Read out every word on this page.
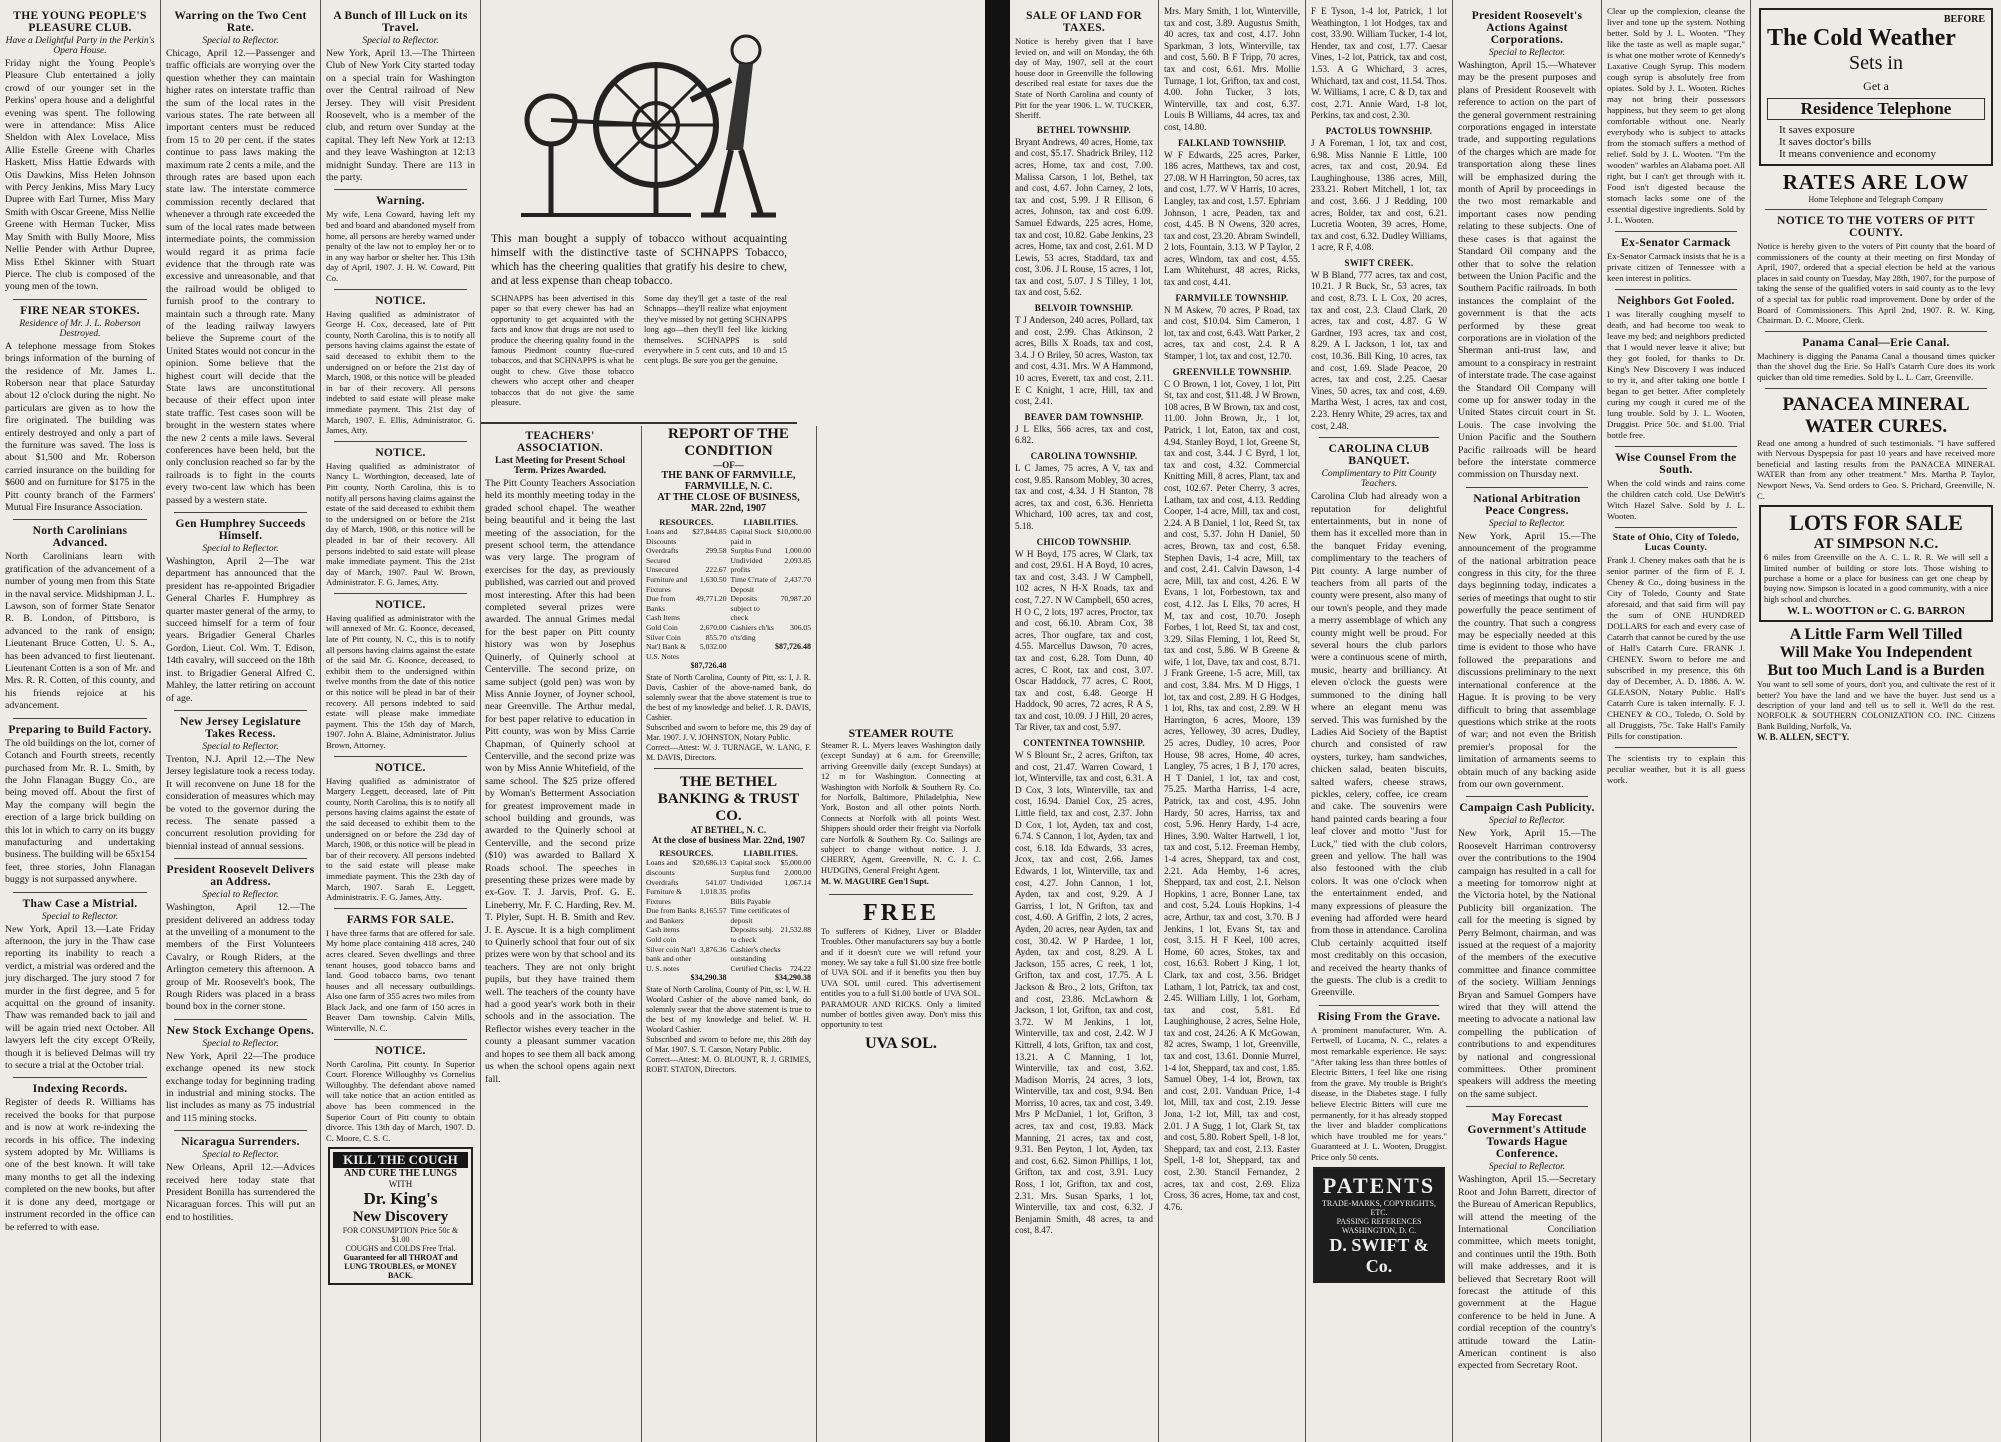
THE YOUNG PEOPLE'S PLEASURE CLUB.
Have a Delightful Party in the Perkin's Opera House.
Friday night the Young People's Pleasure Club entertained a jolly crowd of our younger set in the Perkins' opera house and a delightful evening was spent. The following were in attendance: Miss Alice Sheldon with Alex Lovelace, Miss Allie Estelle Greene with Charles Haskett, Miss Hattie Edwards with Otis Dawkins, Miss Helen Johnson with Percy Jenkins, Miss Mary Lucy Dupree with Earl Turner, Miss Mary Smith with Oscar Greene, Miss Nellie Greene with Herman Tucker, Miss May Smith with Bully Moore, Miss Nellie Pender with Arthur Dupree, Miss Ethel Skinner with Stuart Pierce. The club is composed of the young men of the town.
FIRE NEAR STOKES.
Residence of Mr. J. L. Roberson Destroyed.
A telephone message from Stokes brings information of the burning of the residence of Mr. James L. Roberson near that place Saturday about 12 o'clock during the night. No particulars are given as to how the fire originated. The building was entirely destroyed and only a part of the furniture was saved. The loss is about $1,500 and Mr. Roberson carried insurance on the building for $600 and on furniture for $175 in the Pitt county branch of the Farmers' Mutual Fire Insurance Association.
North Carolinians Advanced.
North Carolinians learn with gratification of the advancement of a number of young men from this State in the naval service. Midshipman J. L. Lawson, son of former State Senator R. B. London, of Pittsboro, is advanced to the rank of ensign; Lieutenant Bruce Cotten, U. S. A., has been advanced to first lieutenant. Lieutenant Cotten is a son of Mr. and Mrs. R. R. Cotten, of this county, and his friends rejoice at his advancement.
Preparing to Build Factory.
The old buildings on the lot, corner of Cotanch and Fourth streets, recently purchased from Mr. R. L. Smith, by the John Flanagan Buggy Co., are being moved off. About the first of May the company will begin the erection of a large brick building on this lot in which to carry on its buggy manufacturing and undertaking business. The building will be 65x154 feet, three stories, John Flanagan buggy is not surpassed anywhere.
Thaw Case a Mistrial.
Special to Reflector.
New York, April 13.—Late Friday afternoon, the jury in the Thaw case reporting its inability to reach a verdict, a mistrial was ordered and the jury discharged. The jury stood 7 for murder in the first degree, and 5 for acquittal on the ground of insanity. Thaw was remanded back to jail and will be again tried next October. All lawyers left the city except O'Reily, though it is believed Delmas will try to secure a trial at the October trial.
Indexing Records.
Register of deeds R. Williams has received the books for that purpose and is now at work re-indexing the records in his office. The indexing system adopted by Mr. Williams is one of the best known. It will take many months to get all the indexing completed on the new books, but after it is done any deed, mortgage or instrument recorded in the office can be referred to with ease.
Warring on the Two Cent Rate.
Special to Reflector.
Chicago, April 12.—Passenger and traffic officials are worrying over the question whether they can maintain higher rates on interstate traffic than the sum of the local rates in the various states. The rate between all important centers must be reduced from 15 to 20 per cent. if the states continue to pass laws making the maximum rate 2 cents a mile, and the through rates are based upon each state law. The interstate commerce commission recently declared that whenever a through rate exceeded the sum of the local rates made between intermediate points, the commission would regard it as prima facie evidence that the through rate was excessive and unreasonable, and that the railroad would be obliged to furnish proof to the contrary to maintain such a through rate. Many of the leading railway lawyers believe the Supreme court of the United States would not concur in the opinion. Some believe that the highest court will decide that the State laws are unconstitutional because of their effect upon inter state traffic. Test cases soon will be brought in the western states where the new 2 cents a mile laws. Several conferences have been held, but the only conclusion reached so far by the railroads is to fight in the courts every two-cent law which has been passed by a western state.
Gen Humphrey Succeeds Himself.
Special to Reflector.
Washington, April 2—The war department has announced that the president has re-appointed Brigadier General Charles F. Humphrey as quarter master general of the army, to succeed himself for a term of four years. Brigadier General Charles Gordon, Lieut. Col. Wm. T. Edison, 14th cavalry, will succeed on the 18th inst. to Brigadier General Alfred C. Mahley, the latter retiring on account of age.
New Jersey Legislature Takes Recess.
Special to Reflector.
Trenton, N.J. April 12.—The New Jersey legislature took a recess today. It will reconvene on June 18 for the consideration of measures which may be voted to the governor during the recess. The senate passed a concurrent resolution providing for biennial instead of annual sessions.
President Roosevelt Delivers an Address.
Special to Reflector.
Washington, April 12.—The president delivered an address today at the unveiling of a monument to the members of the First Volunteers Cavalry, or Rough Riders, at the Arlington cemetery this afternoon. A group of Mr. Roosevelt's book, The Rough Riders was placed in a brass bound box in the corner stone.
New Stock Exchange Opens.
Special to Reflector.
New York, April 22—The produce exchange opened its new stock exchange today for beginning trading in industrial and mining stocks. The list includes as many as 75 industrial and 115 mining stocks.
Nicaragua Surrenders.
Special to Reflector.
New Orleans, April 12.—Advices received here today state that President Bonilla has surrendered the Nicaraguan forces. This will put an end to hostilities.
A Bunch of Ill Luck on its Travel.
Special to Reflector.
New York, April 13.—The Thirteen Club of New York City started today on a special train for Washington over the Central railroad of New Jersey. They will visit President Roosevelt, who is a member of the club, and return over Sunday at the capital. They left New York at 12:13 and they leave Washington at 12:13 midnight Sunday. There are 113 in the party.
Warning.
My wife, Lena Coward, having left my bed and board and abandoned myself from home, all persons are hereby warned under penalty of the law not to employ her or to in any way harbor or shelter her. This 13th day of April, 1907. J. H. W. Coward, Pitt Co.
NOTICE.
Having qualified as administrator of George H. Cox, deceased, late of Pitt county, North Carolina, this is to notify all persons having claims against the estate of said deceased to exhibit them to the undersigned on or before the 21st day of March, 1908, or this notice will be pleaded in bar of their recovery. All persons indebted to said estate will please make immediate payment. This 21st day of March, 1907. E. Ellis, Administrator. G. James, Atty.
NOTICE.
Having qualified as administrator of Nancy L. Worthington, deceased, late of Pitt county, North Carolina, this is to notify all persons having claims against the estate of the said deceased to exhibit them to the undersigned on or before the 21st day of March, 1908, or this notice will be pleaded in bar of their recovery. All persons indebted to said estate will please make immediate payment. This the 21st day of March, 1907. Paul W. Brown, Administrator. F. G. James, Atty.
NOTICE.
Having qualified as administrator with the will annexed of Mr. G. Koonce, deceased, late of Pitt county, N. C., this is to notify all persons having claims against the estate of the said Mr. G. Koonce, deceased, to exhibit them to the undersigned within twelve months from the date of this notice or this notice will be plead in bar of their recovery. All persons indebted to said estate will please make immediate payment. This the 15th day of March, 1907. John A. Blaine, Administrator. Julius Brown, Attorney.
NOTICE.
Having qualified as administrator of Margery Leggett, deceased, late of Pitt county, North Carolina, this is to notify all persons having claims against the estate of the said deceased to exhibit them to the undersigned on or before the 23d day of March, 1908, or this notice will be plead in bar of their recovery. All persons indebted to the said estate will please make immediate payment. This the 23th day of March, 1907. Sarah E. Leggett, Administratrix. F. G. James, Atty.
FARMS FOR SALE.
I have three farms that are offered for sale. My home place containing 418 acres, 240 acres cleared. Seven dwellings and three tenant houses, good tobacco barns and land. Good tobacco barns, two tenant houses and all necessary outbuildings. Also one farm of 355 acres two miles from Black Jack, and one farm of 150 acres in Beaver Dam township. Calvin Mills, Winterville, N. C.
NOTICE.
North Carolina, Pitt county. In Superior Court. Florence Willoughby vs Cornelius Willoughby. The defendant above named will take notice that an action entitled as above has been commenced in the Superior Court of Pitt county to obtain divorce. This 13th day of March, 1907. D. C. Moore, C. S. C.
KILL THE COUGH
AND CURE THE LUNGS
WITH
Dr. King's
New Discovery
FOR CONSUMPTION Price 50c & $1.00
COUGHS and COLDS Free Trial.
Guaranteed for all THROAT and LUNG TROUBLES, or MONEY BACK.
This man bought a supply of tobacco without acquainting himself with the distinctive taste of SCHNAPPS Tobacco, which has the cheering qualities that gratify his desire to chew, and at less expense than cheap tobacco.
SCHNAPPS has been advertised in this paper so that every chewer has had an opportunity to get acquainted with the facts and know that drugs are not used to produce the cheering quality found in the famous Piedmont country flue-cured tobaccos, and that SCHNAPPS is what he ought to chew. Give those tobacco chewers who accept other and cheaper tobaccos that do not give the same pleasure.
Some day they'll get a taste of the real Schnapps—they'll realize what enjoyment they've missed by not getting SCHNAPPS long ago—then they'll feel like kicking themselves. SCHNAPPS is sold everywhere in 5 cent cuts, and 10 and 15 cent plugs. Be sure you get the genuine.
TEACHERS' ASSOCIATION.
Last Meeting for Present School Term. Prizes Awarded.
The Pitt County Teachers Association held its monthly meeting today in the graded school chapel. The weather being beautiful and it being the last meeting of the association, for the present school term, the attendance was very large. The program of exercises for the day, as previously published, was carried out and proved most interesting. After this had been completed several prizes were awarded. The annual Grimes medal for the best paper on Pitt county history was won by Josephus Quinerly, of Quinerly school at Centerville. The second prize, on same subject (gold pen) was won by Miss Annie Joyner, of Joyner school, near Greenville. The Arthur medal, for best paper relative to education in Pitt county, was won by Miss Carrie Chapman, of Quinerly school at Centerville, and the second prize was won by Miss Annie Whitefield, of the same school. The $25 prize offered by Woman's Betterment Association for greatest improvement made in school building and grounds, was awarded to the Quinerly school at Centerville, and the second prize ($10) was awarded to Ballard X Roads school. The speeches in presenting these prizes were made by ex-Gov. T. J. Jarvis, Prof. G. E. Lineberry, Mr. F. C. Harding, Rev. M. T. Plyler, Supt. H. B. Smith and Rev. J. E. Ayscue. It is a high compliment to Quinerly school that four out of six prizes were won by that school and its teachers. They are not only bright pupils, but they have trained them well. The teachers of the county have had a good year's work both in their schools and in the association. The Reflector wishes every teacher in the county a pleasant summer vacation and hopes to see them all back among us when the school opens again next fall.
REPORT OF THE CONDITION
—OF—
THE BANK OF FARMVILLE, FARMVILLE, N. C.
AT THE CLOSE OF BUSINESS, MAR. 22nd, 1907
RESOURCES.
Loans and Discounts
$27,844.85
Overdrafts Secured
299.58
Unsecured	222.67
Furniture and Fixtures
1,630.50
Due from Banks
49,771.20
Cash Items
Gold Coin	2,670.00
Silver Coin	855.70
Nat'l Bank & U.S. Notes
5,032.00
$87,726.48
LIABILITIES.
Capital Stock paid in
$10,000.00
Surplus Fund 1,000.00
Undivided profits
2,093.85
Time C'rtate of Deposit
2,437.70
Deposits subject to check
70,987.20
Cashiers ch'ks o'ts'ding
306.05
$87,726.48
State of North Carolina, County of Pitt, ss: I, J. R. Davis, Cashier of the above-named bank, do solemnly swear that the above statement is true to the best of my knowledge and belief. J. R. DAVIS, Cashier.
Subscribed and sworn to before me, this 29 day of Mar. 1907. J. V. JOHNSTON, Notary Public.
Correct—Attest: W. J. TURNAGE, W. LANG, F. M. DAVIS, Directors.
THE BETHEL BANKING & TRUST CO.
AT BETHEL, N. C.
At the close of business Mar. 22nd, 1907
RESOURCES.
Loans and discounts
$20,686.13
Overdrafts	541.07
Furniture & Fixtures
1,018.35
Due from Banks and Bankers
8,165.57
Cash items
Gold coin
Silver coin Nat'l bank and other U. S. notes
3,876.36
$34,290.38
LIABILITIES.
Capital stock $5,000.00
Surplus fund 2,000.00
Undivided profits
1,067.14
Bills Payable
Time certificates of deposit
Deposits subj. to check
21,532.88
Cashier's checks outstanding
Certified Checks 724.22
$34,290.38
State of North Carolina, County of Pitt, ss: I, W. H. Woolard Cashier of the above named bank, do solemnly swear that the above statement is true to the best of my knowledge and belief. W. H. Woolard Cashier.
Subscribed and sworn to before me, this 28th day of Mar. 1907. S. T. Carson, Notary Public.
Correct—Attest: M. O. BLOUNT, R. J. GRIMES, ROBT. STATON, Directors.
STEAMER ROUTE
Steamer R. L. Myers leaves Washington daily (except Sunday) at 6 a.m. for Greenville; arriving Greenville daily (except Sundays) at 12 m for Washington. Connecting at Washington with Norfolk & Southern Ry. Co. for Norfolk, Baltimore, Philadelphia, New York, Boston and all other points North. Connects at Norfolk with all points West. Shippers should order their freight via Norfolk care Norfolk & Southern Ry. Co. Sailings are subject to change without notice. J. J. CHERRY, Agent, Greenville, N. C. J. C. HUDGINS, General Freight Agent.
M. W. MAGUIRE Gen'l Supt.
FREE
To sufferers of Kidney, Liver or Bladder Troubles. Other manufacturers say buy a bottle and if it doesn't cure we will refund your money. We say take a full $1.00 size free bottle of UVA SOL and if it benefits you then buy UVA SOL until cured. This advertisement entitles you to a full $1.00 bottle of UVA SOL. PARAMOUR AND RICKS. Only a limited number of bottles given away. Don't miss this opportunity to test
UVA SOL.
SALE OF LAND FOR TAXES.
Notice is hereby given that I have levied on, and will on Monday, the 6th day of May, 1907, sell at the court house door in Greenville the following described real estate for taxes due the State of North Carolina and county of Pitt for the year 1906. L. W. TUCKER, Sheriff.
BETHEL TOWNSHIP.
Bryant Andrews, 40 acres, Home, tax and cost, $5.17. Shadrick Briley, 112 acres, Home, tax and cost, 7.00. Malissa Carson, 1 lot, Bethel, tax and cost, 4.67. John Carney, 2 lots, tax and cost, 5.99. J R Ellison, 6 acres, Johnson, tax and cost 6.09. Samuel Edwards, 225 acres, Home, tax and cost, 10.82. Gabe Jenkins, 23 acres, Home, tax and cost, 2.61. M D Lewis, 53 acres, Staddard, tax and cost, 3.06. J L Rouse, 15 acres, 1 lot, tax and cost, 5.07. J S Tilley, 1 lot, tax and cost, 5.62.
BELVOIR TOWNSHIP.
T J Anderson, 240 acres, Pollard, tax and cost, 2.99. Chas Atkinson, 2 acres, Bills X Roads, tax and cost, 3.4. J O Briley, 50 acres, Waston, tax and cost, 4.31. Mrs. W A Hammond, 10 acres, Everett, tax and cost, 2.11. E C Knight, 1 acre, Hill, tax and cost, 2.41.
BEAVER DAM TOWNSHIP.
J L Elks, 566 acres, tax and cost, 6.82.
CAROLINA TOWNSHIP.
L C James, 75 acres, A V, tax and cost, 9.85. Ransom Mobley, 30 acres, tax and cost, 4.34. J H Stanton, 78 acres, tax and cost, 6.36. Henrietta Whichard, 100 acres, tax and cost, 5.18.
CHICOD TOWNSHIP.
W H Boyd, 175 acres, W Clark, tax and cost, 29.61. H A Boyd, 10 acres, tax and cost, 3.43. J W Campbell, 102 acres, N H-X Roads, tax and cost, 7.27. N W Campbell, 650 acres, H O C, 2 lots, 197 acres, Proctor, tax and cost, 66.10. Abram Cox, 38 acres, Thor ougfare, tax and cost, 4.55. Marcellus Dawson, 70 acres, tax and cost, 6.28. Tom Dunn, 40 acres, C Root, tax and cost, 3.07. Oscar Haddock, 77 acres, C Root, tax and cost, 6.48. George H Haddock, 90 acres, 72 acres, R A S, tax and cost, 10.09. J J Hill, 20 acres, Tar River, tax and cost, 5.97.
CONTENTNEA TOWNSHIP.
W S Blount Sr., 2 acres, Grifton, tax and cost, 21.47. Warren Coward, 1 lot, Winterville, tax and cost, 6.31. A D Cox, 3 lots, Winterville, tax and cost, 16.94. Daniel Cox, 25 acres, Little field, tax and cost, 2.37. John D Cox, 1 lot, Ayden, tax and cost, 6.74. S Cannon, 1 lot, Ayden, tax and cost, 6.18. Ida Edwards, 33 acres, Jcox, tax and cost, 2.66. James Edwards, 1 lot, Winterville, tax and cost, 4.27. John Cannon, 1 lot, Ayden, tax and cost, 9.29. A J Garriss, 1 lot, N Grifton, tax and cost, 4.60. A Griffin, 2 lots, 2 acres, Ayden, 20 acres, near Ayden, tax and cost, 30.42. W P Hardee, 1 lot, Ayden, tax and cost, 8.29. A L Jackson, 155 acres, C reek, 1 lot, Grifton, tax and cost, 17.75. A L Jackson & Bro., 2 lots, Grifton, tax and cost, 23.86. McLawhorn & Jackson, 1 lot, Grifton, tax and cost, 3.72. W M Jenkins, 1 lot, Winterville, tax and cost, 2.42. W J Kittrell, 4 lots, Grifton, tax and cost, 13.21. A C Manning, 1 lot, Winterville, tax and cost, 3.62. Madison Morris, 24 acres, 3 lots, Winterville, tax and cost, 9.94. Ben Morriss, 10 acres, tax and cost, 3.49. Mrs P McDaniel, 1 lot, Grifton, 3 acres, tax and cost, 19.83. Mack Manning, 21 acres, tax and cost, 9.31. Ben Peyton, 1 lot, Ayden, tax and cost, 6.62. Simon Phillips, 1 lot, Grifton, tax and cost, 3.91. Lucy Ross, 1 lot, Grifton, tax and cost, 2.31. Mrs. Susan Sparks, 1 lot, Winterville, tax and cost, 6.32. J Benjamin Smith, 48 acres, ta and cost, 8.47.
Mrs. Mary Smith, 1 lot, Winterville, tax and cost, 3.89. Augustus Smith, 40 acres, tax and cost, 4.17. John Sparkman, 3 lots, Winterville, tax and cost, 5.60. B F Tripp, 70 acres, tax and cost, 6.61. Mrs. Mollie Turnage, 1 lot, Grifton, tax and cost, 4.00. John Tucker, 3 lots, Winterville, tax and cost, 6.37. Louis B Williams, 44 acres, tax and cost, 14.80.
FALKLAND TOWNSHIP.
W F Edwards, 225 acres, Parker, 186 acres, Matthews, tax and cost, 27.08. W H Harrington, 50 acres, tax and cost, 1.77. W V Harris, 10 acres, Langley, tax and cost, 1.57. Ephriam Johnson, 1 acre, Peaden, tax and cost, 4.45. B N Owens, 320 acres, tax and cost, 23.20. Abram Swindell, 2 lots, Fountain, 3.13. W P Taylor, 2 acres, Windom, tax and cost, 4.55. Lam Whitehurst, 48 acres, Ricks, tax and cost, 4.41.
FARMVILLE TOWNSHIP.
N M Askew, 70 acres, P Road, tax and cost, $10.04. Sim Cameron, 1 lot, tax and cost, 6.43. Watt Parker, 2 acres, tax and cost, 2.4. R A Stamper, 1 lot, tax and cost, 12.70.
GREENVILLE TOWNSHIP.
C O Brown, 1 lot, Covey, 1 lot, Pitt St, tax and cost, $11.48. J W Brown, 108 acres, B W Brown, tax and cost, 11.00. John Brown, Jr., 1 lot, Patrick, 1 lot, Eaton, tax and cost, 4.94. Stanley Boyd, 1 lot, Greene St, tax and cost, 3.44. J C Byrd, 1 lot, tax and cost, 4.32. Commercial Knitting Mill, 8 acres, Plant, tax and cost, 102.67. Peter Cherry, 3 acres, Latham, tax and cost, 4.13. Redding Cooper, 1-4 acre, Mill, tax and cost, 2.24. A B Daniel, 1 lot, Reed St, tax and cost, 5.37. John H Daniel, 50 acres, Brown, tax and cost, 6.58. Stephen Davis, 1-4 acre, Mill, tax and cost, 2.41. Calvin Dawson, 1-4 acre, Mill, tax and cost, 4.26. E W Evans, 1 lot, Forbestown, tax and cost, 4.12. Jas L Elks, 70 acres, H M, tax and cost, 10.70. Joseph Forbes, 1 lot, Reed St, tax and cost, 3.29. Silas Fleming, 1 lot, Reed St, tax and cost, 5.86. W B Greene & wife, 1 lot, Dave, tax and cost, 8.71. J Frank Greene, 1-5 acre, Mill, tax and cost, 3.84. Mrs. M D Higgs, 1 lot, tax and cost, 2.89. H G Hodges, 1 lot, Rhs, tax and cost, 2.89. W H Harrington, 6 acres, Moore, 139 acres, Yellowey, 30 acres, Dudley, 25 acres, Dudley, 10 acres, Poor House, 98 acres, Home, 40 acres, Langley, 75 acres, 1 B J, 170 acres, H T Daniel, 1 lot, tax and cost, 75.25. Martha Harriss, 1-4 acre, Patrick, tax and cost, 4.95. John Hardy, 50 acres, Harriss, tax and cost, 5.96. Henry Hardy, 1-4 acre, Hines, 3.90. Walter Hartwell, 1 lot, tax and cost, 5.12. Freeman Hemby, 1-4 acres, Sheppard, tax and cost, 2.21. Ada Hemby, 1-6 acres, Sheppard, tax and cost, 2.1. Nelson Hopkins, 1 acre, Bonner Lane, tax and cost, 5.24. Louis Hopkins, 1-4 acre, Arthur, tax and cost, 3.70. B J Jenkins, 1 lot, Evans St, tax and cost, 3.15. H F Keel, 100 acres, Home, 60 acres, Stokes, tax and cost, 16.63. Robert J King, 1 lot, Clark, tax and cost, 3.56. Bridget Latham, 1 lot, Patrick, tax and cost, 2.45. William Lilly, 1 lot, Gorham, tax and cost, 5.81. Ed Laughinghouse, 2 acres, Selne Hole, tax and cost, 24.26. A K McGowan, 82 acres, Swamp, 1 lot, Greenville, tax and cost, 13.61. Donnie Murrel, 1-4 lot, Sheppard, tax and cost, 1.85. Samuel Obey, 1-4 lot, Brown, tax and cost, 2.01. Vanduan Price, 1-4 lot, Mill, tax and cost, 2.19. Jesse Jona, 1-2 lot, Mill, tax and cost, 2.01. J A Sugg, 1 lot, Clark St, tax and cost, 5.80. Robert Spell, 1-8 lot, Sheppard, tax and cost, 2.13. Easter Spell, 1-8 lot, Sheppard, tax and cost, 2.30. Stancil Fernandez, 2 acres, tax and cost, 2.69. Eliza Cross, 36 acres, Home, tax and cost, 4.76.
F E Tyson, 1-4 lot, Patrick, 1 lot Weathington, 1 lot Hodges, tax and cost, 33.90. William Tucker, 1-4 lot, Hender, tax and cost, 1.77. Caesar Vines, 1-2 lot, Patrick, tax and cost, 1.53. A G Whichard, 3 acres, Whichard, tax and cost, 11.54. Thos. W. Williams, 1 acre, C & D, tax and cost, 2.71. Annie Ward, 1-8 lot, Perkins, tax and cost, 2.30.
PACTOLUS TOWNSHIP.
J A Foreman, 1 lot, tax and cost, 6.98. Miss Nannie E Little, 100 acres, tax and cost, 20.94. Ed Laughinghouse, 1386 acres, Mill, 233.21. Robert Mitchell, 1 lot, tax and cost, 3.66. J J Redding, 100 acres, Bolder, tax and cost, 6.21. Lucretia Wooten, 39 acres, Home, tax and cost, 6.32. Dudley Williams, 1 acre, R F, 4.08.
SWIFT CREEK.
W B Bland, 777 acres, tax and cost, 10.21. J R Buck, Sr., 53 acres, tax and cost, 8.73. L L Cox, 20 acres, tax and cost, 2.3. Claud Clark, 20 acres, tax and cost, 4.87. G W Gardner, 193 acres, tax and cost, 8.29. A L Jackson, 1 lot, tax and cost, 10.36. Bill King, 10 acres, tax and cost, 1.69. Slade Peacoe, 20 acres, tax and cost, 2.25. Caesar Vines, 50 acres, tax and cost, 4.69. Martha West, 1 acres, tax and cost, 2.23. Henry White, 29 acres, tax and cost, 2.48.
CAROLINA CLUB BANQUET.
Complimentary to Pitt County Teachers.
Carolina Club had already won a reputation for delightful entertainments, but in none of them has it excelled more than in the banquet Friday evening, complimentary to the teachers of Pitt county. A large number of teachers from all parts of the county were present, also many of our town's people, and they made a merry assemblage of which any county might well be proud. For several hours the club parlors were a continuous scene of mirth, music, hearty and brilliancy. At eleven o'clock the guests were summoned to the dining hall where an elegant menu was served. This was furnished by the Ladies Aid Society of the Baptist church and consisted of raw oysters, turkey, ham sandwiches, chicken salad, beaten biscuits, salted wafers, cheese straws, pickles, celery, coffee, ice cream and cake. The souvenirs were hand painted cards bearing a four leaf clover and motto "Just for Luck," tied with the club colors, green and yellow. The hall was also festooned with the club colors. It was one o'clock when the entertainment ended, and many expressions of pleasure the evening had afforded were heard from those in attendance. Carolina Club certainly acquitted itself most creditably on this occasion, and received the hearty thanks of the guests. The club is a credit to Greenville.
Rising From the Grave.
A prominent manufacturer, Wm. A. Fertwell, of Lucama, N. C., relates a most remarkable experience. He says: "After taking less than three bottles of Electric Bitters, I feel like one rising from the grave. My trouble is Bright's disease, in the Diabetes stage. I fully believe Electric Bitters will cure me permanently, for it has already stopped the liver and bladder complications which have troubled me for years." Guaranteed at J. L. Wooten, Druggist. Price only 50 cents.
PATENTS
TRADE-MARKS, COPYRIGHTS, ETC.
PASSING REFERENCES
WASHINGTON, D. C.
D. SWIFT & Co.
President Roosevelt's Actions Against Corporations.
Special to Reflector.
Washington, April 15.—Whatever may be the present purposes and plans of President Roosevelt with reference to action on the part of the general government restraining corporations engaged in interstate trade, and supporting regulations of the charges which are made for transportation along these lines will be emphasized during the month of April by proceedings in the two most remarkable and important cases now pending relating to these subjects. One of these cases is that against the Standard Oil company and the other that to solve the relation between the Union Pacific and the Southern Pacific railroads. In both instances the complaint of the government is that the acts performed by these great corporations are in violation of the Sherman anti-trust law, and amount to a conspiracy in restraint of interstate trade. The case against the Standard Oil Company will come up for answer today in the United States circuit court in St. Louis. The case involving the Union Pacific and the Southern Pacific railroads will be heard before the interstate commerce commission on Thursday next.
National Arbitration Peace Congress.
Special to Reflector.
New York, April 15.—The announcement of the programme of the national arbitration peace congress in this city, for the three days beginning today, indicates a series of meetings that ought to stir powerfully the peace sentiment of the country. That such a congress may be especially needed at this time is evident to those who have followed the preparations and discussions preliminary to the next international conference at the Hague. It is proving to be very difficult to bring that assemblage questions which strike at the roots of war; and not even the British premier's proposal for the limitation of armaments seems to obtain much of any backing aside from our own government.
Campaign Cash Publicity.
Special to Reflector.
New York, April 15.—The Roosevelt Harriman controversy over the contributions to the 1904 campaign has resulted in a call for a meeting for tomorrow night at the Victoria hotel, by the National Publicity bill organization. The call for the meeting is signed by Perry Belmont, chairman, and was issued at the request of a majority of the members of the executive committee and finance committee of the society. William Jennings Bryan and Samuel Gompers have wired that they will attend the meeting to advocate a national law compelling the publication of contributions to and expenditures by national and congressional committees. Other prominent speakers will address the meeting on the same subject.
May Forecast Government's Attitude Towards Hague Conference.
Special to Reflector.
Washington, April 15.—Secretary Root and John Barrett, director of the Bureau of American Republics, will attend the meeting of the International Conciliation committee, which meets tonight, and continues until the 19th. Both will make addresses, and it is believed that Secretary Root will forecast the attitude of this government at the Hague conference to be held in June. A cordial reception of the country's attitude toward the Latin-American continent is also expected from Secretary Root.
Clear up the complexion, cleanse the liver and tone up the system. Nothing better. Sold by J. L. Wooten. "They like the taste as well as maple sugar," is what one mother wrote of Kennedy's Laxative Cough Syrup. This modern cough syrup is absolutely free from opiates. Sold by J. L. Wooten. Riches may not bring their possessors happiness, but they seem to get along comfortable without one. Nearly everybody who is subject to attacks from the stomach suffers a method of relief. Sold by J. L. Wooten. "I'm the wooden" warbles an Alabama poet. All right, but I can't get through with it. Food isn't digested because the stomach lacks some one of the essential digestive ingredients. Sold by J. L. Wooten.
Ex-Senator Carmack
Ex-Senator Carmack insists that he is a private citizen of Tennessee with a keen interest in politics.
Neighbors Got Fooled.
I was literally coughing myself to death, and had become too weak to leave my bed; and neighbors predicted that I would never leave it alive; but they got fooled, for thanks to Dr. King's New Discovery I was induced to try it, and after taking one bottle I began to get better. After completely curing my cough it cured me of the lung trouble. Sold by J. L. Wooten, Druggist. Price 50c. and $1.00. Trial bottle free.
Wise Counsel From the South.
When the cold winds and rains come the children catch cold. Use DeWitt's Witch Hazel Salve. Sold by J. L. Wooten.
State of Ohio, City of Toledo, Lucas County.
Frank J. Cheney makes oath that he is senior partner of the firm of F. J. Cheney & Co., doing business in the City of Toledo, County and State aforesaid, and that said firm will pay the sum of ONE HUNDRED DOLLARS for each and every case of Catarrh that cannot be cured by the use of Hall's Catarrh Cure. FRANK J. CHENEY. Sworn to before me and subscribed in my presence, this 6th day of December, A. D. 1886. A. W. GLEASON, Notary Public. Hall's Catarrh Cure is taken internally. F. J. CHENEY & CO., Toledo, O. Sold by all Druggists, 75c. Take Hall's Family Pills for constipation.
The scientists try to explain this peculiar weather, but it is all guess work.
BEFORE
The Cold Weather
Sets in
Get a
Residence Telephone
It saves exposure
It saves doctor's bills
It means convenience and economy
RATES ARE LOW
Home Telephone and Telegraph Company
NOTICE TO THE VOTERS OF PITT COUNTY.
Notice is hereby given to the voters of Pitt county that the board of commissioners of the county at their meeting on first Monday of April, 1907, ordered that a special election be held at the various places in said county on Tuesday, May 28th, 1907, for the purpose of taking the sense of the qualified voters in said county as to the levy of a special tax for public road improvement. Done by order of the Board of Commissioners. This April 2nd, 1907. R. W. King, Chairman. D. C. Moore, Clerk.
Panama Canal—Erie Canal.
Machinery is digging the Panama Canal a thousand times quicker than the shovel dug the Erie. So Hall's Catarrh Cure does its work quicker than old time remedies. Sold by L. L. Carr, Greenville.
PANACEA MINERAL WATER CURES.
Read one among a hundred of such testimonials. "I have suffered with Nervous Dyspepsia for past 10 years and have received more beneficial and lasting results from the PANACEA MINERAL WATER than from any other treatment." Mrs. Martha P. Taylor, Newport News, Va. Send orders to Geo. S. Prichard, Greenville, N. C.
LOTS FOR SALE
AT SIMPSON N.C.
6 miles from Greenville on the A. C. L. R. R. We will sell a limited number of building or store lots. Those wishing to purchase a home or a place for business can get one cheap by buying now. Simpson is located in a good community, with a nice high school and churches.
W. L. WOOTTON or C. G. BARRON
A Little Farm Well Tilled
Will Make You Independent
But too Much Land is a Burden
You want to sell some of yours, don't you, and cultivate the rest of it better? You have the land and we have the buyer. Just send us a description of your land and tell us to sell it. We'll do the rest. NORFOLK & SOUTHERN COLONIZATION CO. INC. Citizens Bank Building, Norfolk, Va.
W. B. ALLEN, SECT'Y.
